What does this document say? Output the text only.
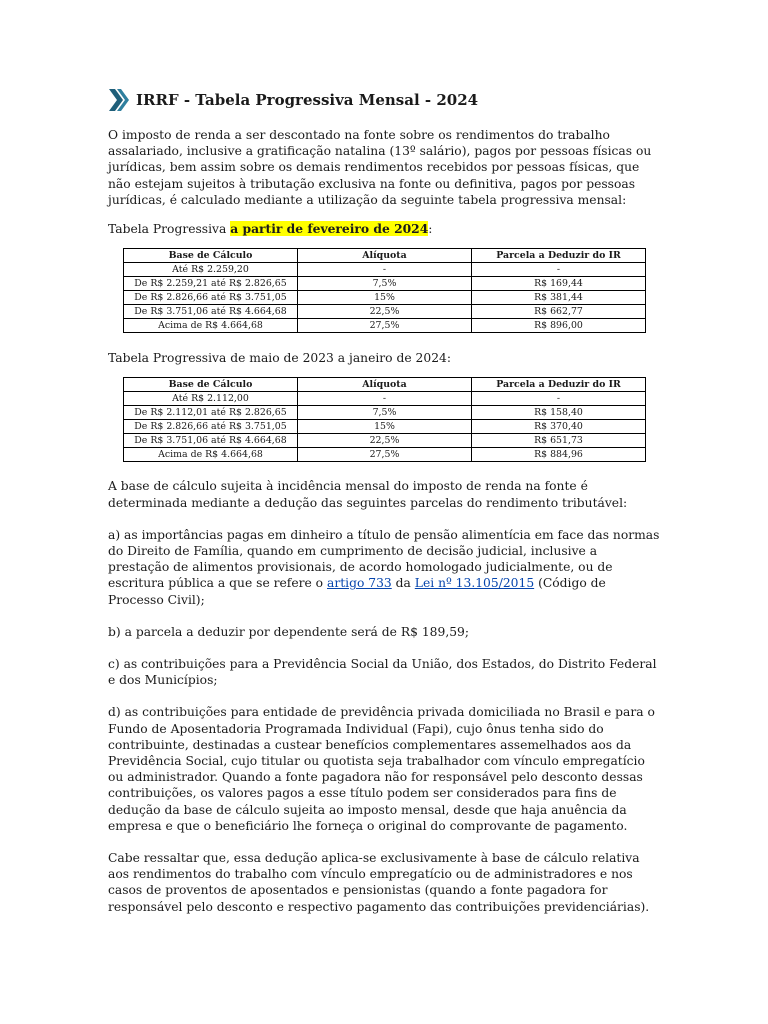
IRRF - Tabela Progressiva Mensal - 2024

O imposto de renda a ser descontado na fonte sobre os rendimentos do trabalho assalariado, inclusive a gratificação natalina (13º salário), pagos por pessoas físicas ou jurídicas, bem assim sobre os demais rendimentos recebidos por pessoas físicas, que não estejam sujeitos à tributação exclusiva na fonte ou definitiva, pagos por pessoas jurídicas, é calculado mediante a utilização da seguinte tabela progressiva mensal:

Tabela Progressiva a partir de fevereiro de 2024:

Base de Cálculo	Alíquota	Parcela a Deduzir do IR
Até R$ 2.259,20	-	-
De R$ 2.259,21 até R$ 2.826,65	7,5%	R$ 169,44
De R$ 2.826,66 até R$ 3.751,05	15%	R$ 381,44
De R$ 3.751,06 até R$ 4.664,68	22,5%	R$ 662,77
Acima de R$ 4.664,68	27,5%	R$ 896,00

Tabela Progressiva de maio de 2023 a janeiro de 2024:

Base de Cálculo	Alíquota	Parcela a Deduzir do IR
Até R$ 2.112,00	-	-
De R$ 2.112,01 até R$ 2.826,65	7,5%	R$ 158,40
De R$ 2.826,66 até R$ 3.751,05	15%	R$ 370,40
De R$ 3.751,06 até R$ 4.664,68	22,5%	R$ 651,73
Acima de R$ 4.664,68	27,5%	R$ 884,96

A base de cálculo sujeita à incidência mensal do imposto de renda na fonte é determinada mediante a dedução das seguintes parcelas do rendimento tributável:

a) as importâncias pagas em dinheiro a título de pensão alimentícia em face das normas do Direito de Família, quando em cumprimento de decisão judicial, inclusive a prestação de alimentos provisionais, de acordo homologado judicialmente, ou de escritura pública a que se refere o artigo 733 da Lei nº 13.105/2015 (Código de Processo Civil);

b) a parcela a deduzir por dependente será de R$ 189,59;

c) as contribuições para a Previdência Social da União, dos Estados, do Distrito Federal e dos Municípios;

d) as contribuições para entidade de previdência privada domiciliada no Brasil e para o Fundo de Aposentadoria Programada Individual (Fapi), cujo ônus tenha sido do contribuinte, destinadas a custear benefícios complementares assemelhados aos da Previdência Social, cujo titular ou quotista seja trabalhador com vínculo empregatício ou administrador. Quando a fonte pagadora não for responsável pelo desconto dessas contribuições, os valores pagos a esse título podem ser considerados para fins de dedução da base de cálculo sujeita ao imposto mensal, desde que haja anuência da empresa e que o beneficiário lhe forneça o original do comprovante de pagamento.

Cabe ressaltar que, essa dedução aplica-se exclusivamente à base de cálculo relativa aos rendimentos do trabalho com vínculo empregatício ou de administradores e nos casos de proventos de aposentados e pensionistas (quando a fonte pagadora for responsável pelo desconto e respectivo pagamento das contribuições previdenciárias).
